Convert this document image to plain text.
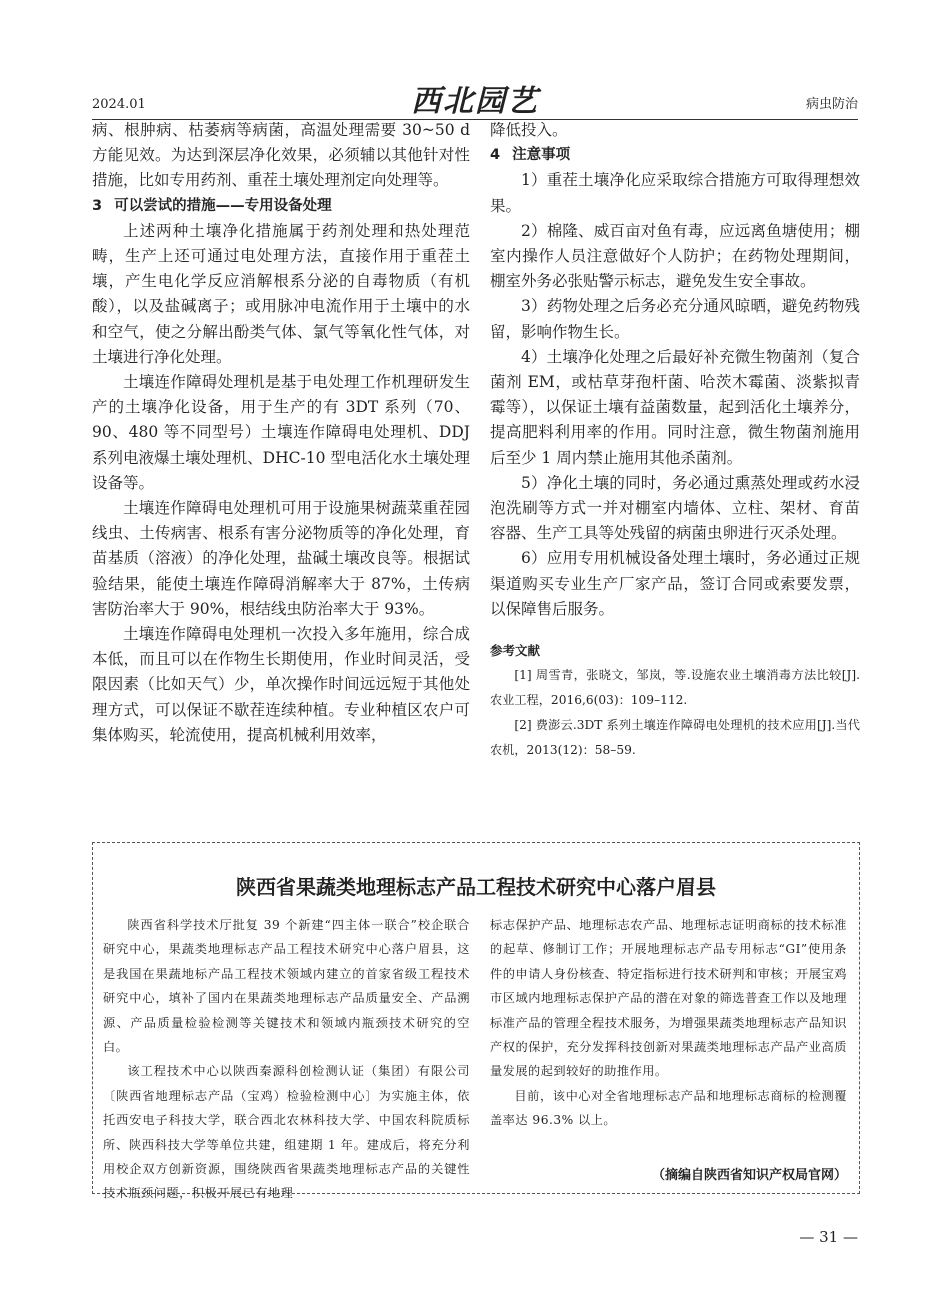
2024.01	西北园艺	病虫防治

病、根肿病、枯萎病等病菌，高温处理需要 30~50 d 方能见效。为达到深层净化效果，必须辅以其他针对性措施，比如专用药剂、重茬土壤处理剂定向处理等。

3 可以尝试的措施——专用设备处理

上述两种土壤净化措施属于药剂处理和热处理范畴，生产上还可通过电处理方法，直接作用于重茬土壤，产生电化学反应消解根系分泌的自毒物质（有机酸），以及盐碱离子；或用脉冲电流作用于土壤中的水和空气，使之分解出酚类气体、氯气等氧化性气体，对土壤进行净化处理。

土壤连作障碍处理机是基于电处理工作机理研发生产的土壤净化设备，用于生产的有 3DT 系列（70、90、480 等不同型号）土壤连作障碍电处理机、DDJ 系列电液爆土壤处理机、DHC-10 型电活化水土壤处理设备等。

土壤连作障碍电处理机可用于设施果树蔬菜重茬园线虫、土传病害、根系有害分泌物质等的净化处理，育苗基质（溶液）的净化处理，盐碱土壤改良等。根据试验结果，能使土壤连作障碍消解率大于 87%，土传病害防治率大于 90%，根结线虫防治率大于 93%。

土壤连作障碍电处理机一次投入多年施用，综合成本低，而且可以在作物生长期使用，作业时间灵活，受限因素（比如天气）少，单次操作时间远远短于其他处理方式，可以保证不歇茬连续种植。专业种植区农户可集体购买，轮流使用，提高机械利用效率，

降低投入。

4 注意事项

1）重茬土壤净化应采取综合措施方可取得理想效果。

2）棉隆、威百亩对鱼有毒，应远离鱼塘使用；棚室内操作人员注意做好个人防护；在药物处理期间，棚室外务必张贴警示标志，避免发生安全事故。

3）药物处理之后务必充分通风晾晒，避免药物残留，影响作物生长。

4）土壤净化处理之后最好补充微生物菌剂（复合菌剂 EM，或枯草芽孢杆菌、哈茨木霉菌、淡紫拟青霉等），以保证土壤有益菌数量，起到活化土壤养分，提高肥料利用率的作用。同时注意，微生物菌剂施用后至少 1 周内禁止施用其他杀菌剂。

5）净化土壤的同时，务必通过熏蒸处理或药水浸泡洗刷等方式一并对棚室内墙体、立柱、架材、育苗容器、生产工具等处残留的病菌虫卵进行灭杀处理。

6）应用专用机械设备处理土壤时，务必通过正规渠道购买专业生产厂家产品，签订合同或索要发票，以保障售后服务。

参考文献

[1] 周雪青，张晓文，邹岚，等.设施农业土壤消毒方法比较[J].农业工程，2016,6(03)：109–112.

[2] 费澎云.3DT 系列土壤连作障碍电处理机的技术应用[J].当代农机，2013(12)：58–59.

陕西省果蔬类地理标志产品工程技术研究中心落户眉县

陕西省科学技术厅批复 39 个新建“四主体一联合”校企联合研究中心，果蔬类地理标志产品工程技术研究中心落户眉县，这是我国在果蔬地标产品工程技术领域内建立的首家省级工程技术研究中心，填补了国内在果蔬类地理标志产品质量安全、产品溯源、产品质量检验检测等关键技术和领域内瓶颈技术研究的空白。

该工程技术中心以陕西秦源科创检测认证（集团）有限公司〔陕西省地理标志产品（宝鸡）检验检测中心〕为实施主体，依托西安电子科技大学，联合西北农林科技大学、中国农科院质标所、陕西科技大学等单位共建，组建期 1 年。建成后，将充分利用校企双方创新资源，围绕陕西省果蔬类地理标志产品的关键性技术瓶颈问题，积极开展已有地理

标志保护产品、地理标志农产品、地理标志证明商标的技术标准的起草、修制订工作；开展地理标志产品专用标志“GI”使用条件的申请人身份核查、特定指标进行技术研判和审核；开展宝鸡市区域内地理标志保护产品的潜在对象的筛选普查工作以及地理标准产品的管理全程技术服务，为增强果蔬类地理标志产品知识产权的保护，充分发挥科技创新对果蔬类地理标志产品产业高质量发展的起到较好的助推作用。

目前，该中心对全省地理标志产品和地理标志商标的检测覆盖率达 96.3% 以上。

（摘编自陕西省知识产权局官网）
— 31 —
